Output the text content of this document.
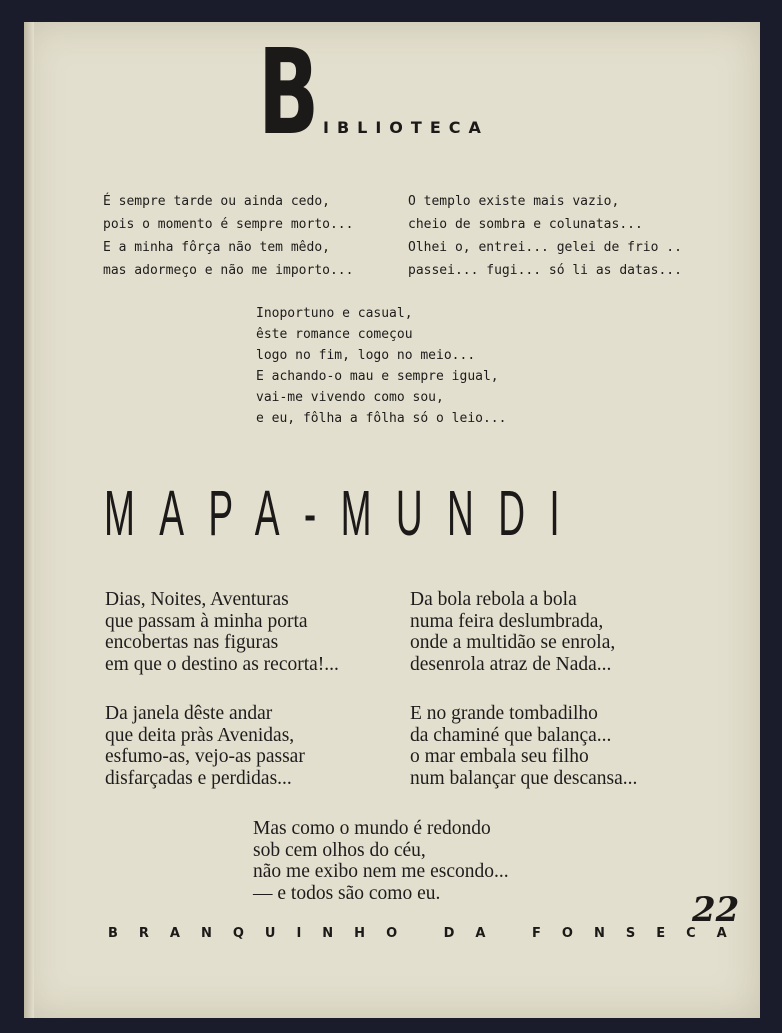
B IBLIOTECA
É sempre tarde ou ainda cedo,
pois o momento é sempre morto...
E a minha fôrça não tem mêdo,
mas adormeço e não me importo...
O templo existe mais vazio,
cheio de sombra e colunatas...
Olhei o, entrei... gelei de frio ..
passei... fugi... só li as datas...
Inoportuno e casual,
êste romance começou
logo no fim, logo no meio...
E achando-o mau e sempre igual,
vai-me vivendo como sou,
e eu, fôlha a fôlha só o leio...
MAPA-MUNDI
Dias, Noites, Aventuras
que passam à minha porta
encobertas nas figuras
em que o destino as recorta!...
Da bola rebola a bola
numa feira deslumbrada,
onde a multidão se enrola,
desenrola atraz de Nada...
Da janela dêste andar
que deita pràs Avenidas,
esfumo-as, vejo-as passar
disfarçadas e perdidas...
E no grande tombadilho
da chaminé que balança...
o mar embala seu filho
num balançar que descansa...
Mas como o mundo é redondo
sob cem olhos do céu,
não me exibo nem me escondo...
— e todos são como eu.
BRANQUINHO DA FONSECA
22
